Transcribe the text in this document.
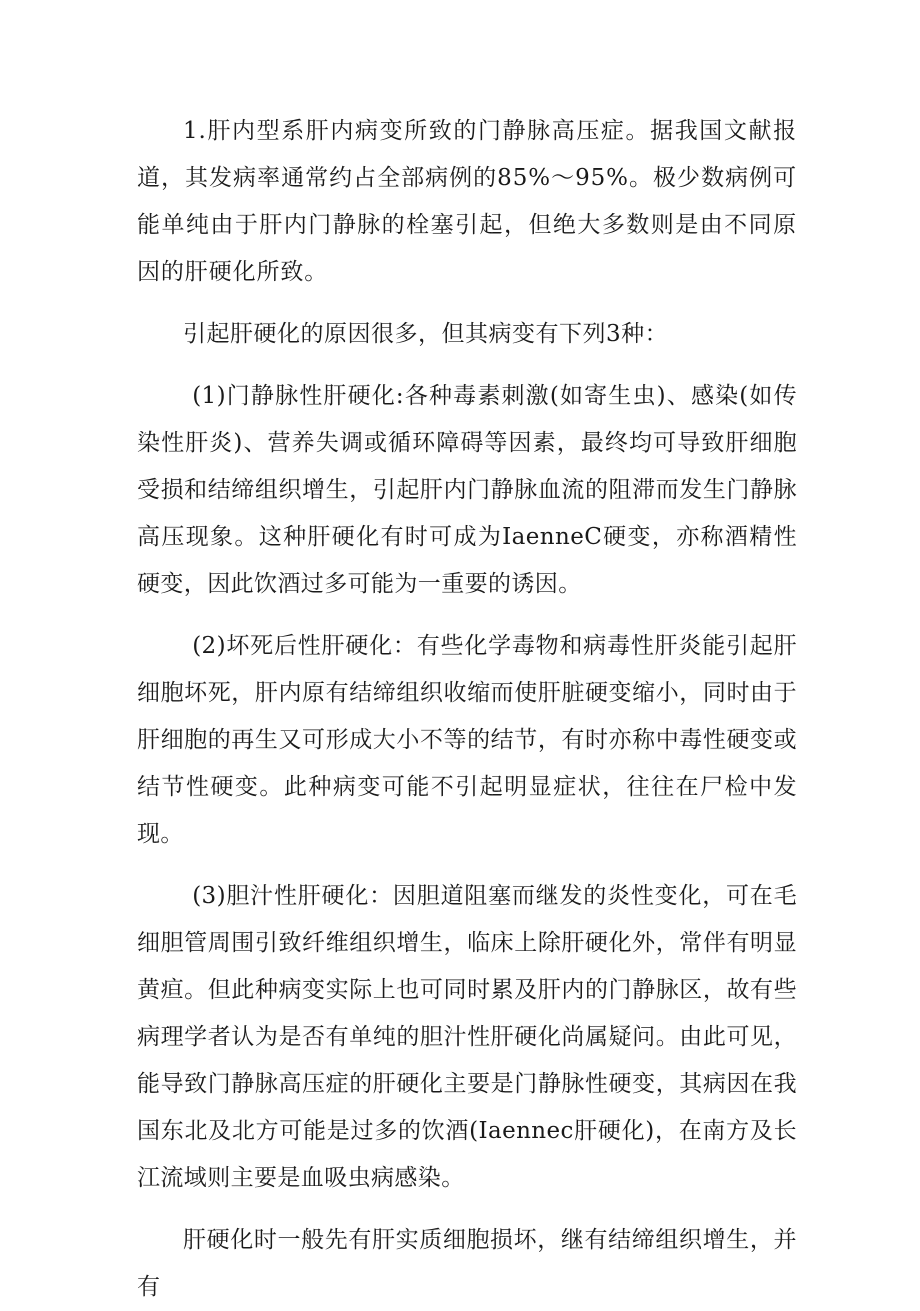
1.肝内型系肝内病变所致的门静脉高压症。据我国文献报道，其发病率通常约占全部病例的85%～95%。极少数病例可能单纯由于肝内门静脉的栓塞引起，但绝大多数则是由不同原因的肝硬化所致。

引起肝硬化的原因很多，但其病变有下列3种：

(1)门静脉性肝硬化:各种毒素刺激(如寄生虫)、感染(如传染性肝炎)、营养失调或循环障碍等因素，最终均可导致肝细胞受损和结缔组织增生，引起肝内门静脉血流的阻滞而发生门静脉高压现象。这种肝硬化有时可成为IaenneC硬变，亦称酒精性硬变，因此饮酒过多可能为一重要的诱因。

(2)坏死后性肝硬化：有些化学毒物和病毒性肝炎能引起肝细胞坏死，肝内原有结缔组织收缩而使肝脏硬变缩小，同时由于肝细胞的再生又可形成大小不等的结节，有时亦称中毒性硬变或结节性硬变。此种病变可能不引起明显症状，往往在尸检中发现。

(3)胆汁性肝硬化：因胆道阻塞而继发的炎性变化，可在毛细胆管周围引致纤维组织增生，临床上除肝硬化外，常伴有明显黄疸。但此种病变实际上也可同时累及肝内的门静脉区，故有些病理学者认为是否有单纯的胆汁性肝硬化尚属疑问。由此可见，能导致门静脉高压症的肝硬化主要是门静脉性硬变，其病因在我国东北及北方可能是过多的饮酒(Iaennec肝硬化)，在南方及长江流域则主要是血吸虫病感染。

肝硬化时一般先有肝实质细胞损坏，继有结缔组织增生，并有
